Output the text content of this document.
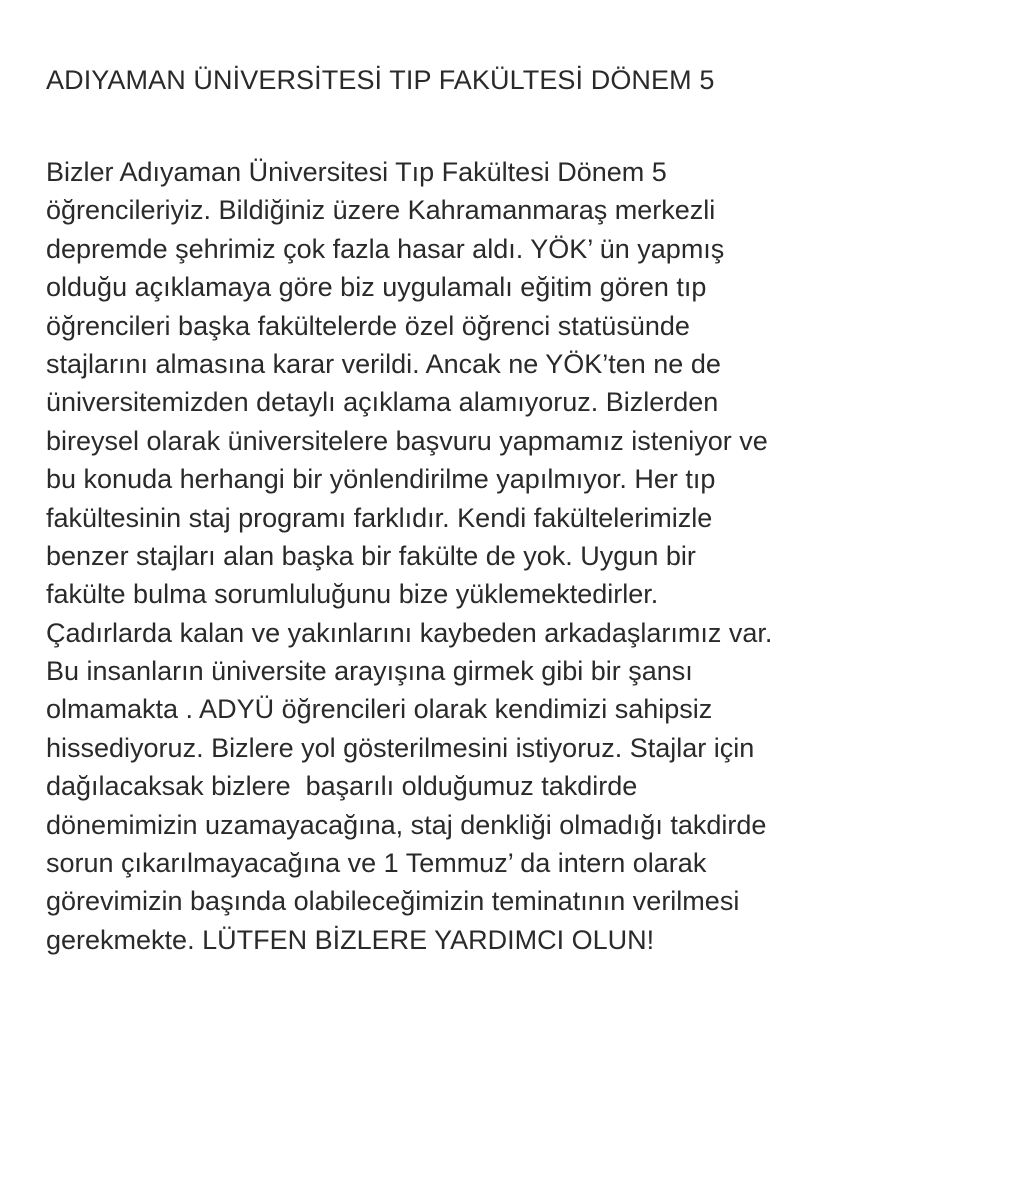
ADIYAMAN ÜNİVERSİTESİ TIP FAKÜLTESİ DÖNEM 5
Bizler Adıyaman Üniversitesi Tıp Fakültesi Dönem 5
öğrencileriyiz. Bildiğiniz üzere Kahramanmaraş merkezli
depremde şehrimiz çok fazla hasar aldı. YÖK’ ün yapmış
olduğu açıklamaya göre biz uygulamalı eğitim gören tıp
öğrencileri başka fakültelerde özel öğrenci statüsünde
stajlarını almasına karar verildi. Ancak ne YÖK’ten ne de
üniversitemizden detaylı açıklama alamıyoruz. Bizlerden
bireysel olarak üniversitelere başvuru yapmamız isteniyor ve
bu konuda herhangi bir yönlendirilme yapılmıyor. Her tıp
fakültesinin staj programı farklıdır. Kendi fakültelerimizle
benzer stajları alan başka bir fakülte de yok. Uygun bir
fakülte bulma sorumluluğunu bize yüklemektedirler.
Çadırlarda kalan ve yakınlarını kaybeden arkadaşlarımız var.
Bu insanların üniversite arayışına girmek gibi bir şansı
olmamakta . ADYÜ öğrencileri olarak kendimizi sahipsiz
hissediyoruz. Bizlere yol gösterilmesini istiyoruz. Stajlar için
dağılacaksak bizlere  başarılı olduğumuz takdirde
dönemimizin uzamayacağına, staj denkliği olmadığı takdirde
sorun çıkarılmayacağına ve 1 Temmuz’ da intern olarak
görevimizin başında olabileceğimizin teminatının verilmesi
gerekmekte. LÜTFEN BİZLERE YARDIMCI OLUN!
